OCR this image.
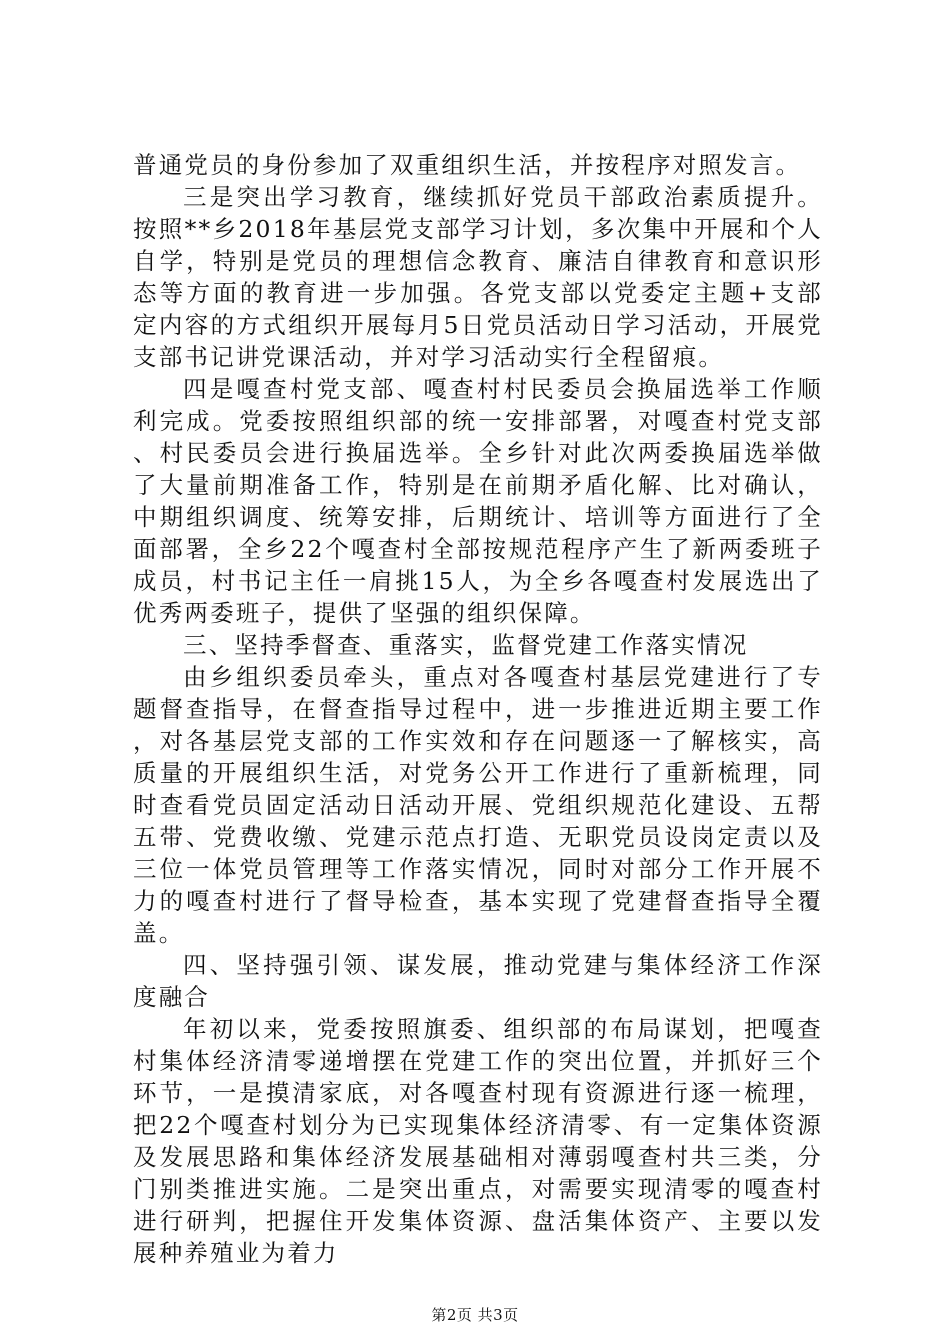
普通党员的身份参加了双重组织生活，并按程序对照发言。

三是突出学习教育，继续抓好党员干部政治素质提升。按照**乡2018年基层党支部学习计划，多次集中开展和个人自学，特别是党员的理想信念教育、廉洁自律教育和意识形态等方面的教育进一步加强。各党支部以党委定主题+支部定内容的方式组织开展每月5日党员活动日学习活动，开展党支部书记讲党课活动，并对学习活动实行全程留痕。

四是嘎查村党支部、嘎查村村民委员会换届选举工作顺利完成。党委按照组织部的统一安排部署，对嘎查村党支部、村民委员会进行换届选举。全乡针对此次两委换届选举做了大量前期准备工作，特别是在前期矛盾化解、比对确认，中期组织调度、统筹安排，后期统计、培训等方面进行了全面部署，全乡22个嘎查村全部按规范程序产生了新两委班子成员，村书记主任一肩挑15人，为全乡各嘎查村发展选出了优秀两委班子，提供了坚强的组织保障。

三、坚持季督查、重落实，监督党建工作落实情况

由乡组织委员牵头，重点对各嘎查村基层党建进行了专题督查指导，在督查指导过程中，进一步推进近期主要工作，对各基层党支部的工作实效和存在问题逐一了解核实，高质量的开展组织生活，对党务公开工作进行了重新梳理，同时查看党员固定活动日活动开展、党组织规范化建设、五帮五带、党费收缴、党建示范点打造、无职党员设岗定责以及三位一体党员管理等工作落实情况，同时对部分工作开展不力的嘎查村进行了督导检查，基本实现了党建督查指导全覆盖。

四、坚持强引领、谋发展，推动党建与集体经济工作深度融合

年初以来，党委按照旗委、组织部的布局谋划，把嘎查村集体经济清零递增摆在党建工作的突出位置，并抓好三个环节，一是摸清家底，对各嘎查村现有资源进行逐一梳理，把22个嘎查村划分为已实现集体经济清零、有一定集体资源及发展思路和集体经济发展基础相对薄弱嘎查村共三类，分门别类推进实施。二是突出重点，对需要实现清零的嘎查村进行研判，把握住开发集体资源、盘活集体资产、主要以发展种养殖业为着力

第2页 共3页
